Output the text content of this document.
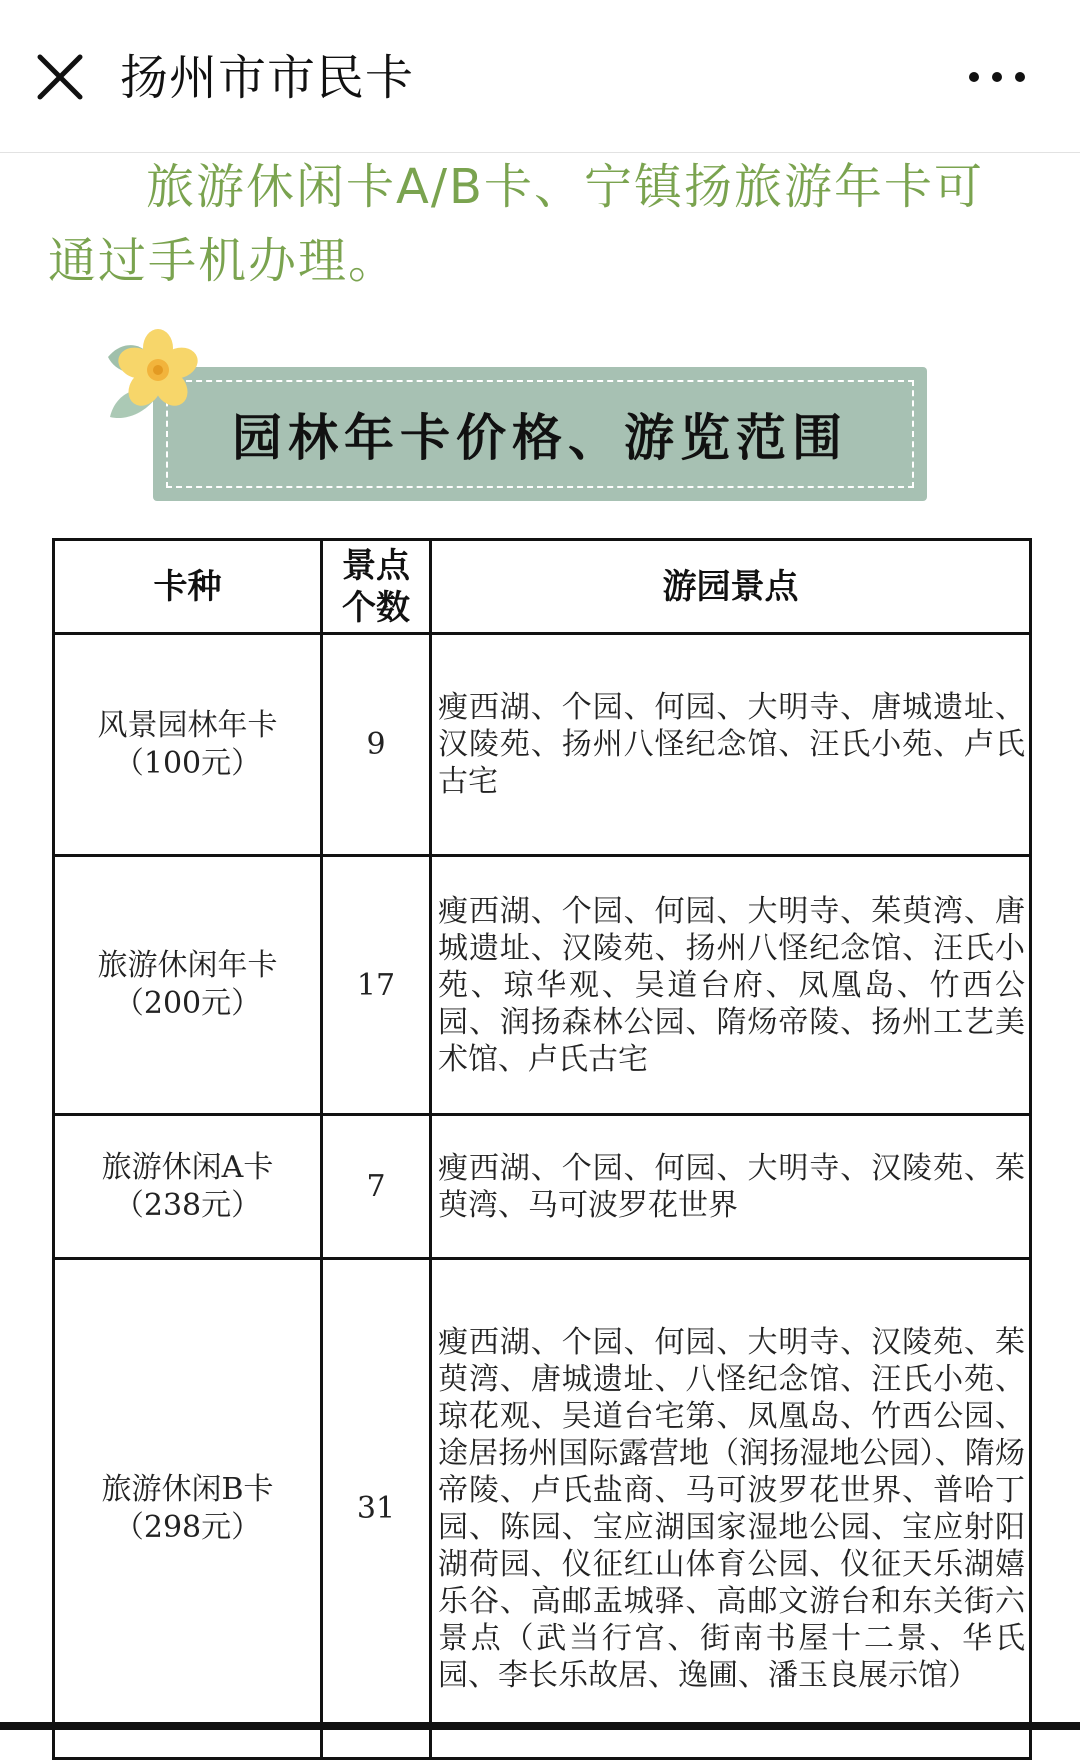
扬州市市民卡
旅游休闲卡A/B卡、宁镇扬旅游年卡可通过手机办理。
园林年卡价格、游览范围
卡种	景点个数	游园景点

风景园林年卡
（100元）	9	瘦西湖、个园、何园、大明寺、唐城遗址、汉陵苑、扬州八怪纪念馆、汪氏小苑、卢氏古宅

旅游休闲年卡
（200元）	17	瘦西湖、个园、何园、大明寺、茱萸湾、唐城遗址、汉陵苑、扬州八怪纪念馆、汪氏小苑、琼华观、吴道台府、凤凰岛、竹西公园、润扬森林公园、隋炀帝陵、扬州工艺美术馆、卢氏古宅

旅游休闲A卡
（238元）	7	瘦西湖、个园、何园、大明寺、汉陵苑、茱萸湾、马可波罗花世界

旅游休闲B卡
（298元）	31	瘦西湖、个园、何园、大明寺、汉陵苑、茱萸湾、唐城遗址、八怪纪念馆、汪氏小苑、琼花观、吴道台宅第、凤凰岛、竹西公园、途居扬州国际露营地（润扬湿地公园）、隋炀帝陵、卢氏盐商、马可波罗花世界、普哈丁园、陈园、宝应湖国家湿地公园、宝应射阳湖荷园、仪征红山体育公园、仪征天乐湖嬉乐谷、高邮盂城驿、高邮文游台和东关街六景点（武当行宫、街南书屋十二景、华氏园、李长乐故居、逸圃、潘玉良展示馆）
